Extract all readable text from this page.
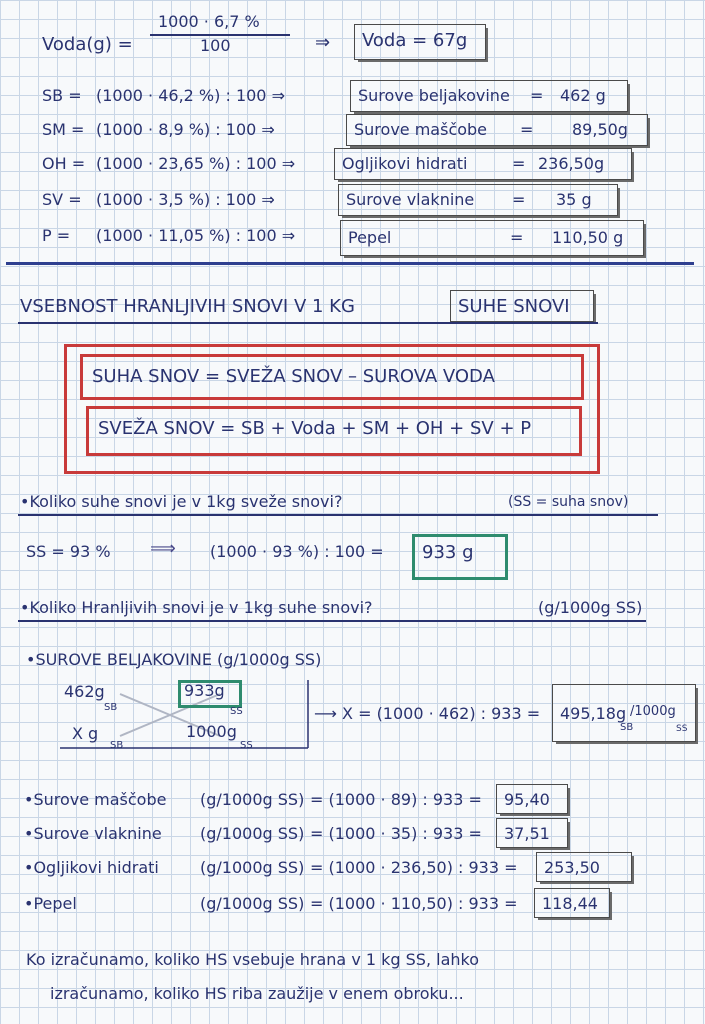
Voda(g) =
1000 · 6,7 %
100	⇒ Voda = 67g
SB = (1000 · 46,2 %) : 100 ⇒	Surove beljakovine = 462 g
SM = (1000 · 8,9 %) : 100 ⇒	Surove maščobe = 89,50g
OH = (1000 · 23,65 %) : 100 ⇒	Ogljikovi hidrati	= 236,50g
SV = (1000 · 3,5 %) : 100 ⇒	Surove vlaknine = 35 g
P = (1000 · 11,05 %) : 100 ⇒	Pepel	= 110,50 g
VSEBNOST HRANLJIVIH SNOVI V 1 KG	SUHE SNOVI
SUHA SNOV = SVEŽA SNOV – SUROVA VODA
SVEŽA SNOV = SB + Voda + SM + OH + SV + P
•Koliko suhe snovi je v 1kg sveže snovi?	(SS = suha snov)
SS = 93 % ⟹ (1000 · 93 %) : 100 = 933 g
•Koliko Hranljivih snovi je v 1kg suhe snovi?	(g/1000g SS)
•SUROVE BELJAKOVINE (g/1000g SS)
462g
SB
933g
SS
X g
SB
1000g
SS
⟶ X = (1000 · 462) : 933 = 495,18g
SB
/1000g
SS
•Surove maščobe (g/1000g SS) = (1000 · 89) : 933 = 95,40
•Surove vlaknine (g/1000g SS) = (1000 · 35) : 933 = 37,51
•Ogljikovi hidrati	(g/1000g SS) = (1000 · 236,50) : 933 = 253,50
•Pepel	(g/1000g SS) = (1000 · 110,50) : 933 = 118,44
Ko izračunamo, koliko HS vsebuje hrana v 1 kg SS, lahko
izračunamo, koliko HS riba zaužije v enem obroku...
